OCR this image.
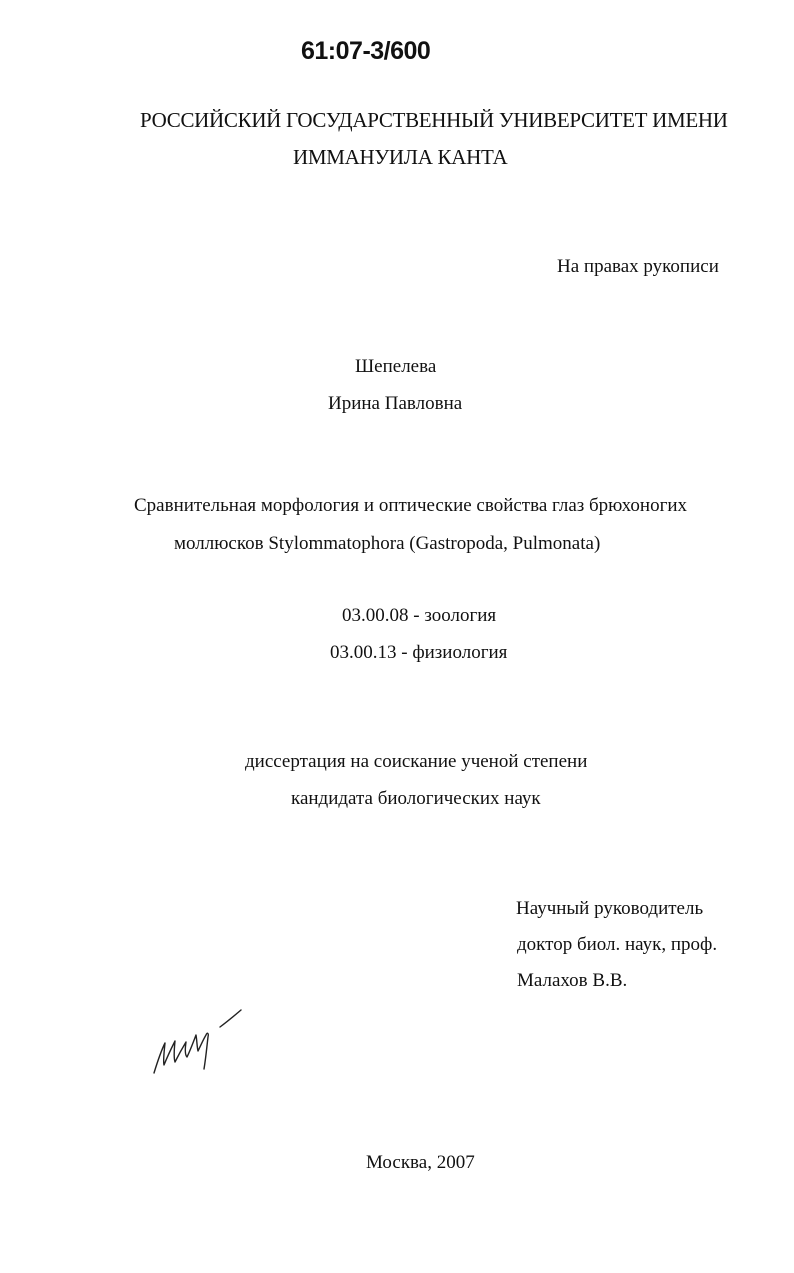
61:07-3/600
РОССИЙСКИЙ ГОСУДАРСТВЕННЫЙ УНИВЕРСИТЕТ ИМЕНИ
ИММАНУИЛА КАНТА
На правах рукописи
Шепелева
Ирина Павловна
Сравнительная морфология и оптические свойства глаз брюхоногих
моллюсков Stylommatophora (Gastropoda, Pulmonata)
03.00.08 - зоология
03.00.13 - физиология
диссертация на соискание ученой степени
кандидата биологических наук
Научный руководитель
доктор биол. наук, проф.
Малахов В.В.
Москва, 2007
